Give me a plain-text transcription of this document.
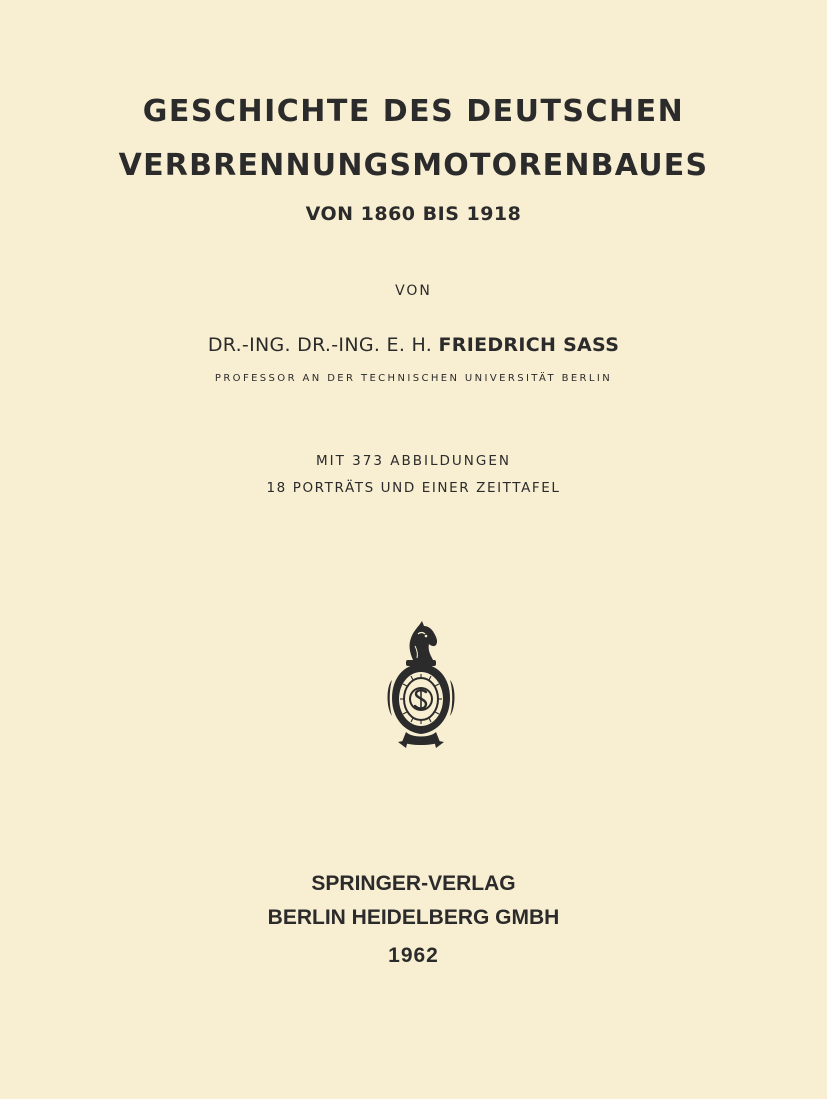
GESCHICHTE DES DEUTSCHEN
VERBRENNUNGSMOTORENBAUES
VON 1860 BIS 1918
VON
DR.-ING. DR.-ING. E. H. FRIEDRICH SASS
PROFESSOR AN DER TECHNISCHEN UNIVERSITÄT BERLIN
MIT 373 ABBILDUNGEN
18 PORTRÄTS UND EINER ZEITTAFEL
SPRINGER-VERLAG
BERLIN HEIDELBERG GMBH
1962
